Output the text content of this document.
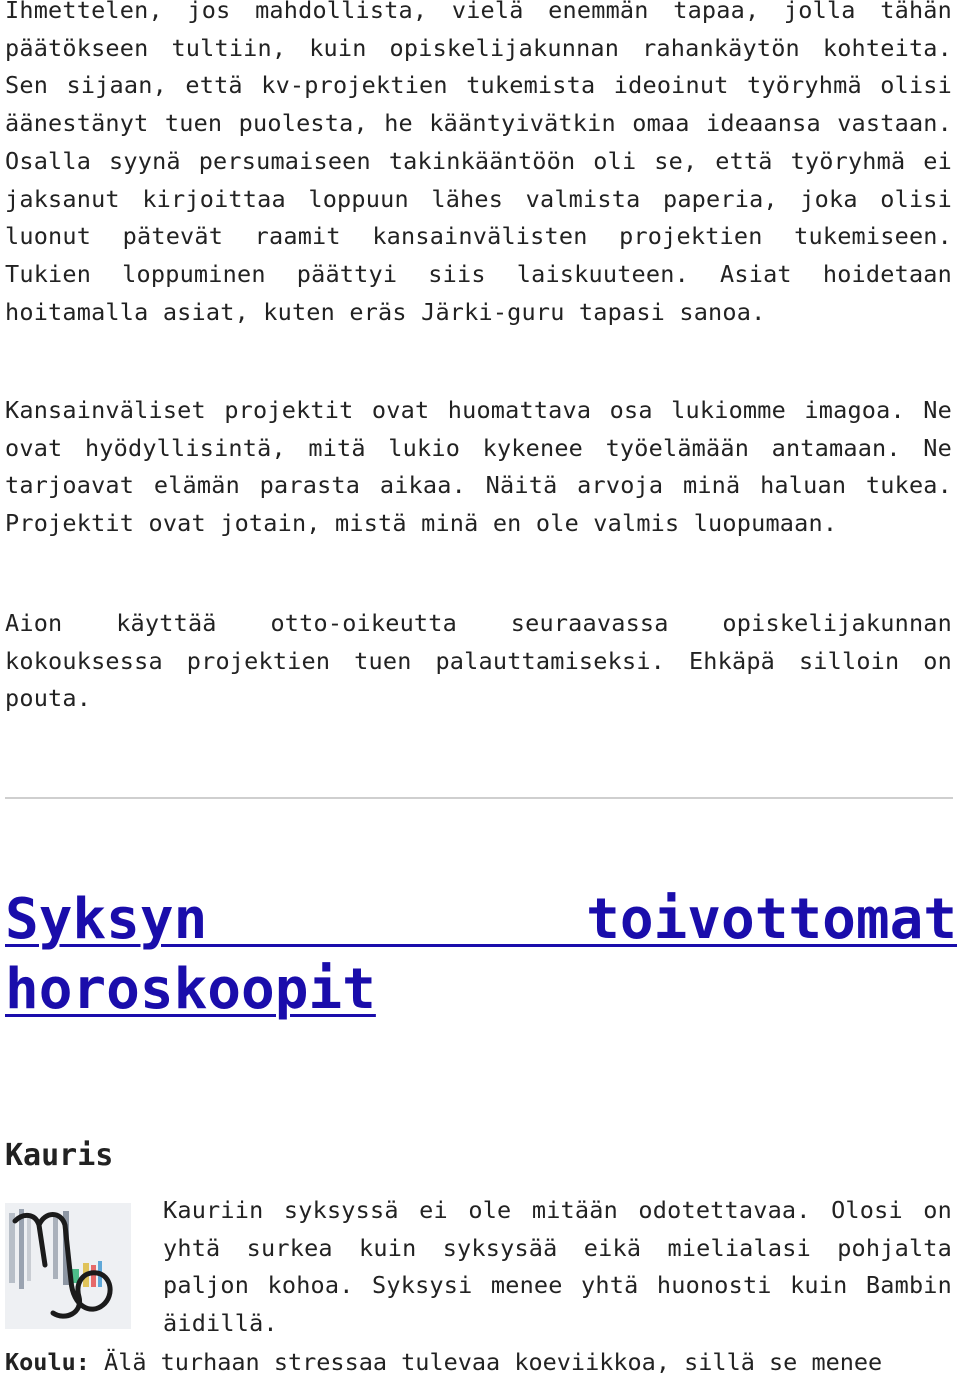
Ihmettelen, jos mahdollista, vielä enemmän tapaa, jolla tähän päätökseen tultiin, kuin opiskelijakunnan rahankäytön kohteita. Sen sijaan, että kv-projektien tukemista ideoinut työryhmä olisi äänestänyt tuen puolesta, he kääntyivätkin omaa ideaansa vastaan. Osalla syynä persumaiseen takinkääntöön oli se, että työryhmä ei jaksanut kirjoittaa loppuun lähes valmista paperia, joka olisi luonut pätevät raamit kansainvälisten projektien tukemiseen. Tukien loppuminen päättyi siis laiskuuteen. Asiat hoidetaan hoitamalla asiat, kuten eräs Järki-guru tapasi sanoa.

Kansainväliset projektit ovat huomattava osa lukiomme imagoa. Ne ovat hyödyllisintä, mitä lukio kykenee työelämään antamaan. Ne tarjoavat elämän parasta aikaa. Näitä arvoja minä haluan tukea. Projektit ovat jotain, mistä minä en ole valmis luopumaan.

Aion käyttää otto-oikeutta seuraavassa opiskelijakunnan kokouksessa projektien tuen palauttamiseksi. Ehkäpä silloin on pouta.

Syksyn toivottomat horoskoopit
Kauris

Kauriin syksyssä ei ole mitään odotettavaa. Olosi on yhtä surkea kuin syksysää eikä mielialasi pohjalta paljon kohoa. Syksysi menee yhtä huonosti kuin Bambin äidillä.

Koulu: Älä turhaan stressaa tulevaa koeviikkoa, sillä se menee
